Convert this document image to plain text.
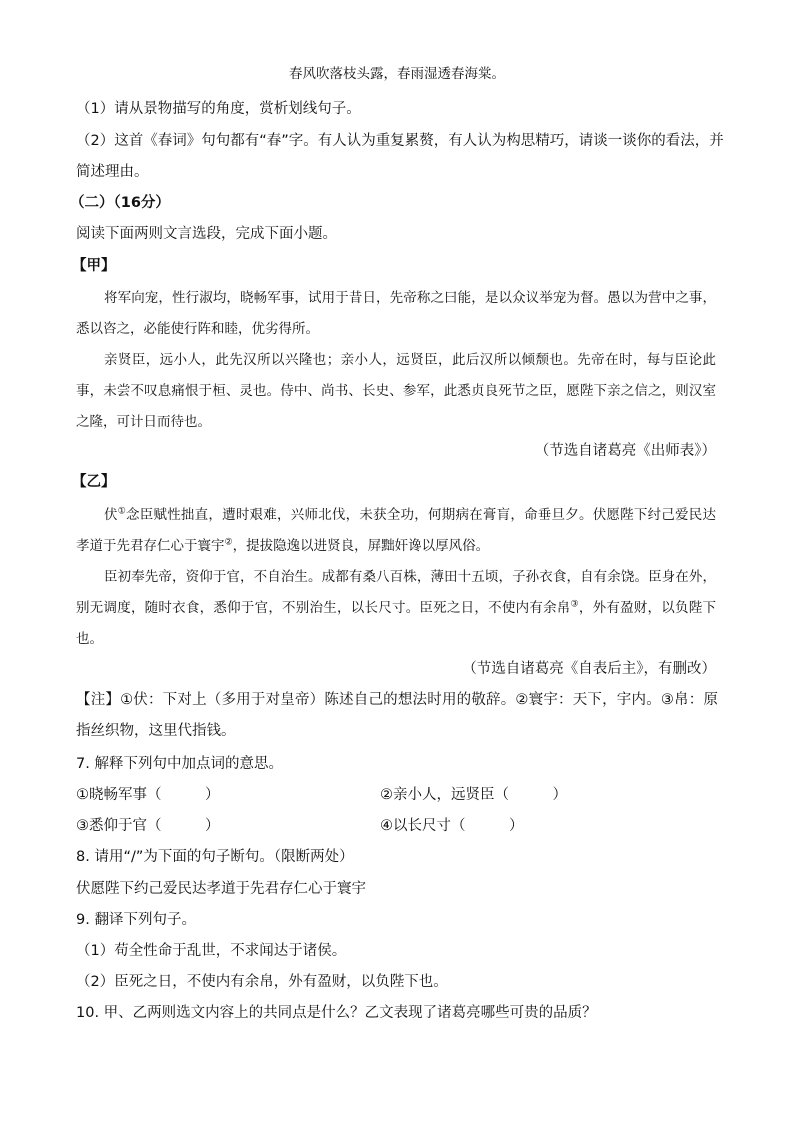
春风吹落枝头露，春雨湿透春海棠。
（1）请从景物描写的角度，赏析划线句子。
（2）这首《春词》句句都有“春”字。有人认为重复累赘，有人认为构思精巧，请谈一谈你的看法，并
简述理由。
（二）（16分）
阅读下面两则文言选段，完成下面小题。
【甲】
将军向宠，性行淑均，晓畅军事，试用于昔日，先帝称之曰能，是以众议举宠为督。愚以为营中之事，悉以咨之，必能使行阵和睦，优劣得所。
亲贤臣，远小人，此先汉所以兴隆也；亲小人，远贤臣，此后汉所以倾颓也。先帝在时，每与臣论此事，未尝不叹息痛恨于桓、灵也。侍中、尚书、长史、参军，此悉贞良死节之臣，愿陛下亲之信之，则汉室之隆，可计日而待也。
（节选自诸葛亮《出师表》）
【乙】
伏①念臣赋性拙直，遭时艰难，兴师北伐，未获全功，何期病在膏肓，命垂旦夕。伏愿陛下纣己爱民达孝道于先君存仁心于寰宇②，提拔隐逸以进贤良，屏黜奸谗以厚风俗。
臣初奉先帝，资仰于官，不自治生。成都有桑八百株，薄田十五顷，子孙衣食，自有余饶。臣身在外，别无调度，随时衣食，悉仰于官，不别治生，以长尺寸。臣死之日，不使内有余帛③，外有盈财，以负陛下也。
（节选自诸葛亮《自表后主》，有删改）
【注】①伏：下对上（多用于对皇帝）陈述自己的想法时用的敬辞。②寰宇：天下，宇内。③帛：原指丝织物，这里代指钱。
7. 解释下列句中加点词的意思。
①晓畅军事（　　　）	②亲小人，远贤臣（　　　）
③悉仰于官（　　　）	④以长尺寸（　　　）
8. 请用“/”为下面的句子断句。（限断两处）
伏愿陛下约己爱民达孝道于先君存仁心于寰宇
9. 翻译下列句子。
（1）苟全性命于乱世，不求闻达于诸侯。
（2）臣死之日，不使内有余帛，外有盈财，以负陛下也。
10. 甲、乙两则选文内容上的共同点是什么？乙文表现了诸葛亮哪些可贵的品质？
